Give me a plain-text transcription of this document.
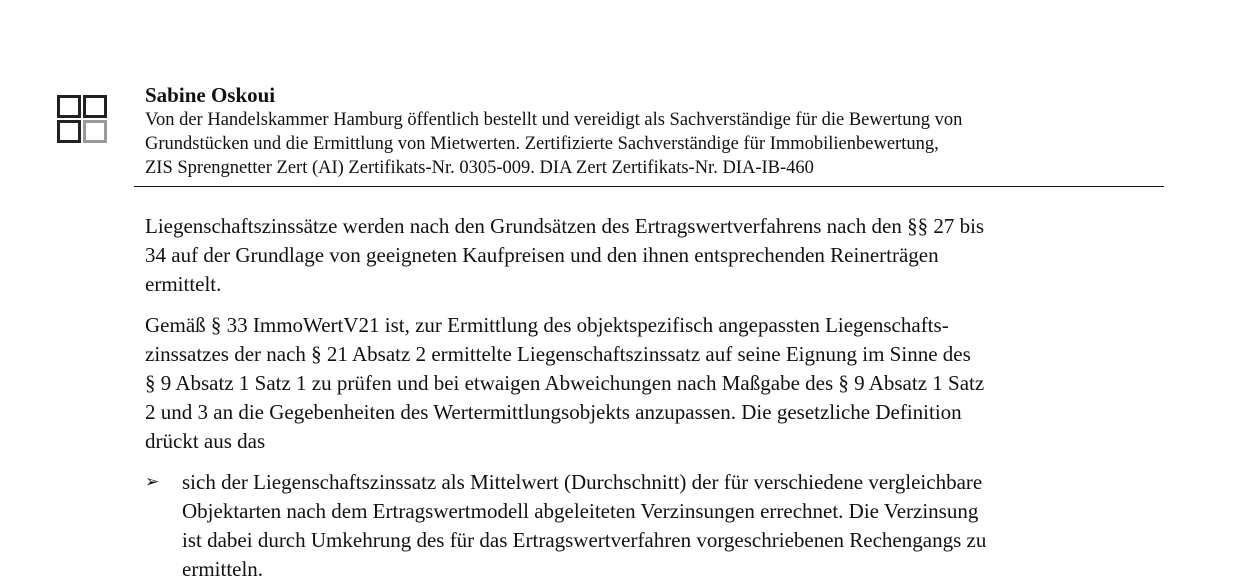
Sabine Oskoui

Von der Handelskammer Hamburg öffentlich bestellt und vereidigt als Sachverständige für die Bewertung von

Grundstücken und die Ermittlung von Mietwerten. Zertifizierte Sachverständige für Immobilienbewertung,

ZIS Sprengnetter Zert (AI) Zertifikats-Nr. 0305-009. DIA Zert Zertifikats-Nr. DIA-IB-460

Liegenschaftszinssätze werden nach den Grundsätzen des Ertragswertverfahrens nach den §§ 27 bis
34 auf der Grundlage von geeigneten Kaufpreisen und den ihnen entsprechenden Reinerträgen
ermittelt.

Gemäß § 33 ImmoWertV21 ist, zur Ermittlung des objektspezifisch angepassten Liegenschafts-
zinssatzes der nach § 21 Absatz 2 ermittelte Liegenschaftszinssatz auf seine Eignung im Sinne des
§ 9 Absatz 1 Satz 1 zu prüfen und bei etwaigen Abweichungen nach Maßgabe des § 9 Absatz 1 Satz
2 und 3 an die Gegebenheiten des Wertermittlungsobjekts anzupassen. Die gesetzliche Definition
drückt aus das

➢ sich der Liegenschaftszinssatz als Mittelwert (Durchschnitt) der für verschiedene vergleichbare
Objektarten nach dem Ertragswertmodell abgeleiteten Verzinsungen errechnet. Die Verzinsung
ist dabei durch Umkehrung des für das Ertragswertverfahren vorgeschriebenen Rechengangs zu
ermitteln.
